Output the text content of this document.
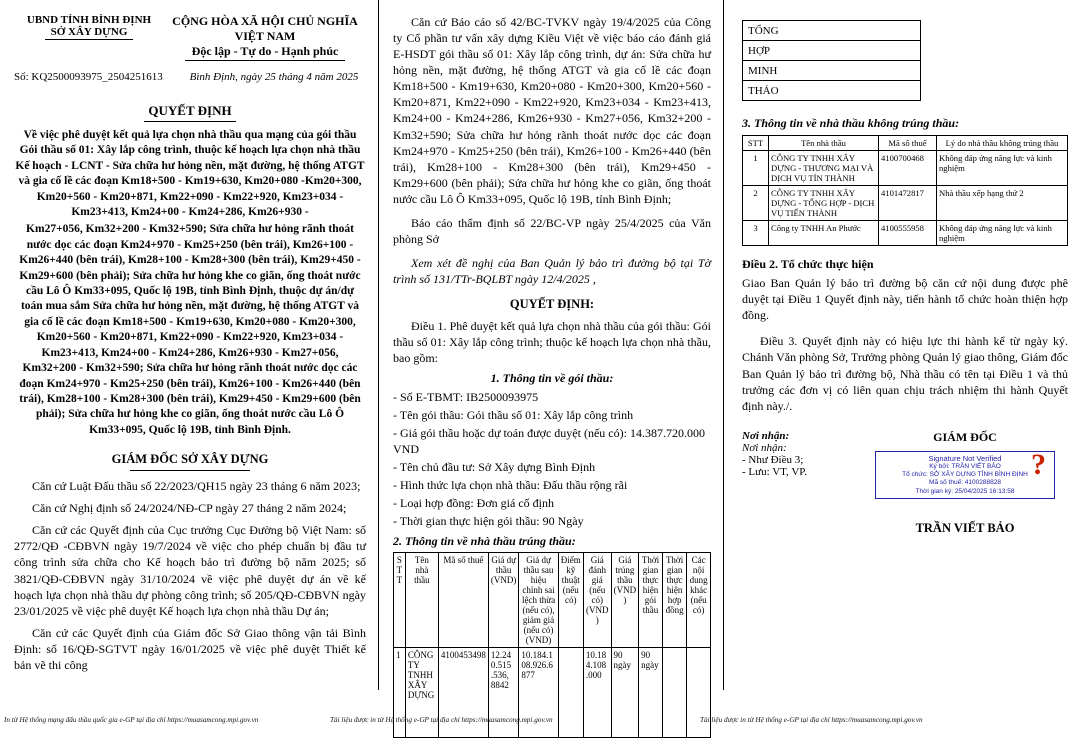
UBND TỈNH BÌNH ĐỊNH
SỞ XÂY DỰNG
CỘNG HÒA XÃ HỘI CHỦ NGHĨA VIỆT NAM
Độc lập - Tự do - Hạnh phúc
Số: KQ2500093975_2504251613	Bình Định, ngày 25 tháng 4 năm 2025
QUYẾT ĐỊNH

Về việc phê duyệt kết quả lựa chọn nhà thầu qua mạng của gói thầu Gói thầu số 01: Xây lắp công trình, thuộc kế hoạch lựa chọn nhà thầu Kế hoạch - LCNT - Sửa chữa hư hỏng nền, mặt đường, hệ thống ATGT và gia cố lề các đoạn Km18+500 - Km19+630, Km20+080 -Km20+300, Km20+560 - Km20+871, Km22+090 - Km22+920, Km23+034 - Km23+413, Km24+00 - Km24+286, Km26+930 -

Km27+056, Km32+200 - Km32+590; Sửa chữa hư hỏng rãnh thoát nước dọc các đoạn Km24+970 - Km25+250 (bên trái), Km26+100 - Km26+440 (bên trái), Km28+100 - Km28+300 (bên trái), Km29+450 - Km29+600 (bên phải); Sửa chữa hư hỏng khe co giãn, ống thoát nước cầu Lô Ô Km33+095, Quốc lộ 19B, tỉnh Bình Định, thuộc dự án/dự toán mua sắm Sửa chữa hư hỏng nền, mặt đường, hệ thống ATGT và gia cố lề các đoạn Km18+500 - Km19+630, Km20+080 - Km20+300, Km20+560 - Km20+871, Km22+090 - Km22+920, Km23+034 - Km23+413, Km24+00 - Km24+286, Km26+930 - Km27+056, Km32+200 - Km32+590; Sửa chữa hư hỏng rãnh thoát nước dọc các đoạn Km24+970 - Km25+250 (bên trái), Km26+100 - Km26+440 (bên trái), Km28+100 - Km28+300 (bên trái), Km29+450 - Km29+600 (bên phải); Sửa chữa hư hỏng khe co giãn, ống thoát nước cầu Lô Ô Km33+095, Quốc lộ 19B, tỉnh Bình Định.

GIÁM ĐỐC SỞ XÂY DỰNG

Căn cứ Luật Đấu thầu số 22/2023/QH15 ngày 23 tháng 6 năm 2023;

Căn cứ Nghị định số 24/2024/NĐ-CP ngày 27 tháng 2 năm 2024;

Căn cứ các Quyết định của Cục trưởng Cục Đường bộ Việt Nam: số 2772/QĐ -CĐBVN ngày 19/7/2024 về việc cho phép chuẩn bị đầu tư công trình sửa chữa cho Kế hoạch bảo trì đường bộ năm 2025; số 3821/QĐ-CĐBVN ngày 31/10/2024 về việc phê duyệt dự án về kế hoạch lựa chọn nhà thầu dự phòng công trình; số 205/QĐ-CĐBVN ngày 23/01/2025 về việc phê duyệt Kế hoạch lựa chọn nhà thầu Dự án;

Căn cứ các Quyết định của Giám đốc Sở Giao thông vận tải Bình Định: số 16/QĐ-SGTVT ngày 16/01/2025 về việc phê duyệt Thiết kế bản vẽ thi công

Căn cứ Báo cáo số 42/BC-TVKV ngày 19/4/2025 của Công ty Cổ phần tư vấn xây dựng Kiều Việt về việc báo cáo đánh giá E-HSDT gói thầu số 01: Xây lắp công trình, dự án: Sửa chữa hư hỏng nền, mặt đường, hệ thống ATGT và gia cố lề các đoạn Km18+500 - Km19+630, Km20+080 - Km20+300, Km20+560 - Km20+871, Km22+090 - Km22+920, Km23+034 - Km23+413, Km24+00 - Km24+286, Km26+930 - Km27+056, Km32+200 - Km32+590; Sửa chữa hư hỏng rãnh thoát nước dọc các đoạn Km24+970 - Km25+250 (bên trái), Km26+100 - Km26+440 (bên trái), Km28+100 - Km28+300 (bên trái), Km29+450 - Km29+600 (bên phải); Sửa chữa hư hỏng khe co giãn, ống thoát nước cầu Lô Ô Km33+095, Quốc lộ 19B, tỉnh Bình Định;

Báo cáo thẩm định số 22/BC-VP ngày 25/4/2025 của Văn phòng Sở

Xem xét đề nghị của Ban Quản lý bảo trì đường bộ tại Tờ trình số 131/TTr-BQLBT ngày 12/4/2025 ,

QUYẾT ĐỊNH:

Điều 1. Phê duyệt kết quả lựa chọn nhà thầu của gói thầu: Gói thầu số 01: Xây lắp công trình; thuộc kế hoạch lựa chọn nhà thầu, bao gồm:

1. Thông tin về gói thầu:

- Số E-TBMT: IB2500093975

- Tên gói thầu: Gói thầu số 01: Xây lắp công trình

- Giá gói thầu hoặc dự toán được duyệt (nếu có): 14.387.720.000 VND

- Tên chủ đầu tư: Sở Xây dựng Bình Định

- Hình thức lựa chọn nhà thầu: Đấu thầu rộng rãi

- Loại hợp đồng: Đơn giá cố định

- Thời gian thực hiện gói thầu: 90 Ngày

2. Thông tin về nhà thầu trúng thầu:

S T T	Tên nhà thầu	Mã số thuế	Giá dự thầu (VND)	Giá dự thầu sau hiệu chỉnh sai lệch thừa (nếu có), giảm giá (nếu có) (VND)	Điểm kỹ thuật (nếu có)	Giá đánh giá (nếu có) (VND )	Giá trúng thầu (VND )	Thời gian thực hiện gói thầu	Thời gian thực hiện hợp đồng	Các nội dung khác (nếu có)
1	CÔNG TY TNHH XÂY DỰNG	4100453498	12.24 0.515 .536, 8842	10.184.1 08.926.6 877		10.18 4.108 .000	90 ngày	90 ngày		
TỔNG
HỢP
MINH
THẢO

3. Thông tin về nhà thầu không trúng thầu:

STT	Tên nhà thầu	Mã số thuế	Lý do nhà thầu không trúng thầu
1	CÔNG TY TNHH XÂY DỰNG - THƯƠNG MẠI VÀ DỊCH VỤ TÍN THÀNH	4100700468	Không đáp ứng năng lực và kinh nghiệm
2	CÔNG TY TNHH XÂY DỰNG - TỔNG HỢP - DỊCH VỤ TIẾN THÀNH	4101472817	Nhà thầu xếp hạng thứ 2
3	Công ty TNHH An Phước	4100555958	Không đáp ứng năng lực và kinh nghiệm

Điều 2. Tổ chức thực hiện

Giao Ban Quản lý bảo trì đường bộ căn cứ nội dung được phê duyệt tại Điều 1 Quyết định này, tiến hành tổ chức hoàn thiện hợp đồng.

Điều 3. Quyết định này có hiệu lực thi hành kể từ ngày ký. Chánh Văn phòng Sở, Trưởng phòng Quản lý giao thông, Giám đốc Ban Quản lý bảo trì đường bộ, Nhà thầu có tên tại Điều 1 và thủ trưởng các đơn vị có liên quan chịu trách nhiệm thi hành Quyết định này./.

Nơi nhận:
Nơi nhận:
- Như Điều 3;
- Lưu: VT, VP.
GIÁM ĐỐC
?
Signature Not Verified
Ký bởi: TRẦN VIẾT BẢO
Tổ chức: SỞ XÂY DỰNG TỈNH BÌNH ĐỊNH
Mã số thuế: 4100288828
Thời gian ký: 25/04/2025 16:13:58
TRẦN VIẾT BẢO
In từ Hệ thống mạng đấu thầu quốc gia e-GP tại địa chỉ https://muasamcong.mpi.gov.vn	Tài liệu được in từ Hệ thống e-GP tại địa chỉ https://muasamcong.mpi.gov.vn	Tài liệu được in từ Hệ thống e-GP tại địa chỉ https://muasamcong.mpi.gov.vn
